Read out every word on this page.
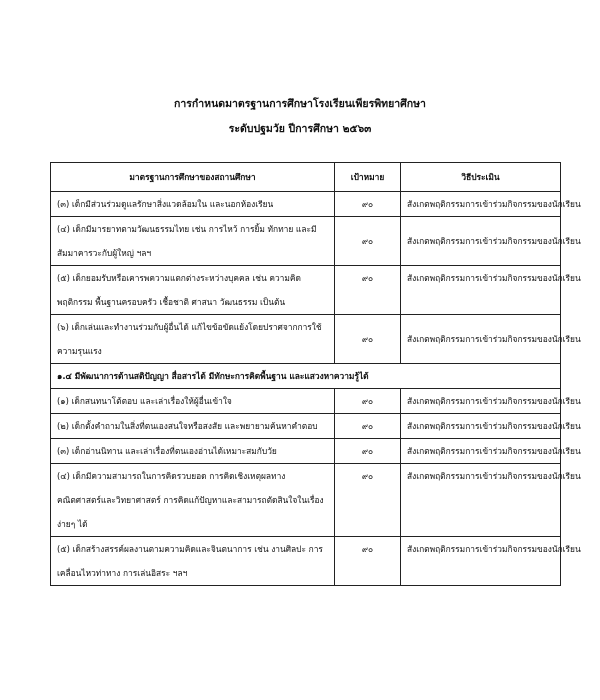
การกำหนดมาตรฐานการศึกษาโรงเรียนเพียรพิทยาศึกษา
ระดับปฐมวัย ปีการศึกษา ๒๕๖๓
มาตรฐานการศึกษาของสถานศึกษา	เป้าหมาย	วิธีประเมิน

(๓) เด็กมีส่วนร่วมดูแลรักษาสิ่งแวดล้อมใน และนอกห้องเรียน	๙๐	สังเกตพฤติกรรมการเข้าร่วมกิจกรรมของนักเรียน

(๔) เด็กมีมารยาทตามวัฒนธรรมไทย เช่น การไหว้ การยิ้ม ทักทาย และมีสัมมาคารวะกับผู้ใหญ่ ฯลฯ	๙๐	สังเกตพฤติกรรมการเข้าร่วมกิจกรรมของนักเรียน

(๕) เด็กยอมรับหรือเคารพความแตกต่างระหว่างบุคคล เช่น ความคิด พฤติกรรม พื้นฐานครอบครัว เชื้อชาติ ศาสนา วัฒนธรรม เป็นต้น	๙๐	สังเกตพฤติกรรมการเข้าร่วมกิจกรรมของนักเรียน

(๖) เด็กเล่นและทำงานร่วมกับผู้อื่นได้ แก้ไขข้อขัดแย้งโดยปราศจากการใช้ความรุนแรง	๙๐	สังเกตพฤติกรรมการเข้าร่วมกิจกรรมของนักเรียน
๑.๔ มีพัฒนาการด้านสติปัญญา สื่อสารได้ มีทักษะการคิดพื้นฐาน และแสวงหาความรู้ได้		

(๑) เด็กสนทนาโต้ตอบ และเล่าเรื่องให้ผู้อื่นเข้าใจ	๙๐	สังเกตพฤติกรรมการเข้าร่วมกิจกรรมของนักเรียน

(๒) เด็กตั้งคำถามในสิ่งที่ตนเองสนใจหรือสงสัย และพยายามค้นหาคำตอบ	๙๐	สังเกตพฤติกรรมการเข้าร่วมกิจกรรมของนักเรียน

(๓) เด็กอ่านนิทาน และเล่าเรื่องที่ตนเองอ่านได้เหมาะสมกับวัย	๙๐	สังเกตพฤติกรรมการเข้าร่วมกิจกรรมของนักเรียน

(๔) เด็กมีความสามารถในการคิดรวบยอด การคิดเชิงเหตุผลทางคณิตศาสตร์และวิทยาศาสตร์ การคิดแก้ปัญหาและสามารถตัดสินใจในเรื่องง่ายๆ ได้	๙๐	สังเกตพฤติกรรมการเข้าร่วมกิจกรรมของนักเรียน

(๕) เด็กสร้างสรรค์ผลงานตามความคิดและจินตนาการ เช่น งานศิลปะ การเคลื่อนไหวท่าทาง การเล่นอิสระ ฯลฯ	๙๐	สังเกตพฤติกรรมการเข้าร่วมกิจกรรมของนักเรียน
